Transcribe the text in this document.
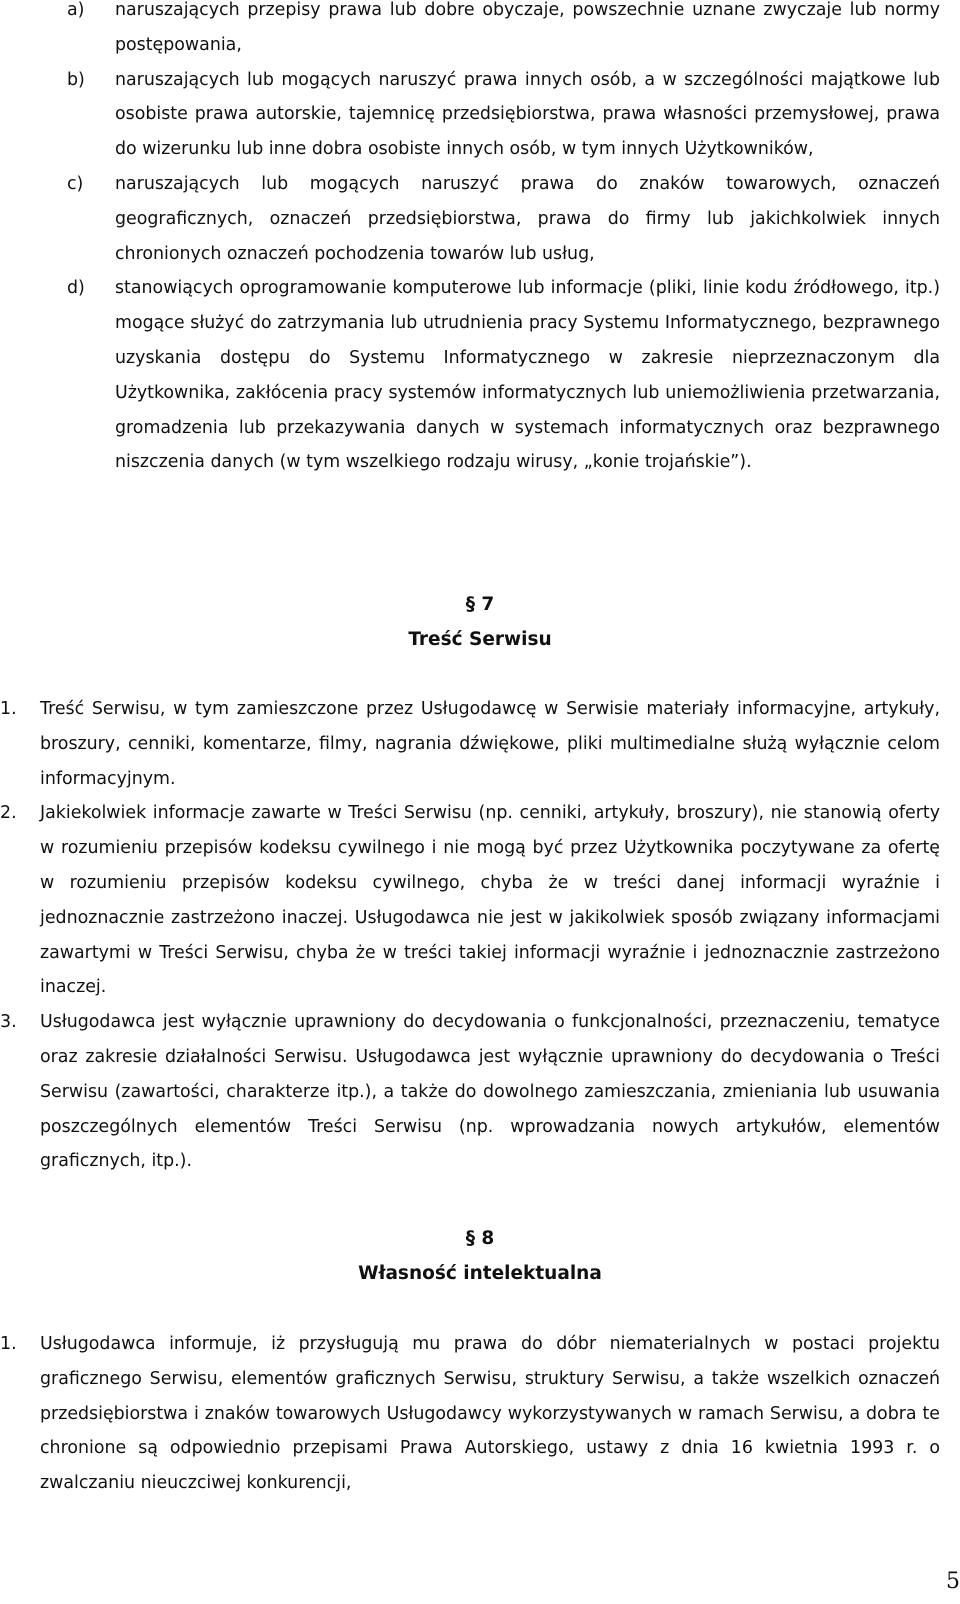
a)	naruszających przepisy prawa lub dobre obyczaje, powszechnie uznane zwyczaje lub normy postępowania,
b)	naruszających lub mogących naruszyć prawa innych osób, a w szczególności majątkowe lub osobiste prawa autorskie, tajemnicę przedsiębiorstwa, prawa własności przemysłowej, prawa do wizerunku lub inne dobra osobiste innych osób, w tym innych Użytkowników,
c)	naruszających lub mogących naruszyć prawa do znaków towarowych, oznaczeń geograficznych, oznaczeń przedsiębiorstwa, prawa do firmy lub jakichkolwiek innych chronionych oznaczeń pochodzenia towarów lub usług,
d)	stanowiących oprogramowanie komputerowe lub informacje (pliki, linie kodu źródłowego, itp.) mogące służyć do zatrzymania lub utrudnienia pracy Systemu Informatycznego, bezprawnego uzyskania dostępu do Systemu Informatycznego w zakresie nieprzeznaczonym dla Użytkownika, zakłócenia pracy systemów informatycznych lub uniemożliwienia przetwarzania, gromadzenia lub przekazywania danych w systemach informatycznych oraz bezprawnego niszczenia danych (w tym wszelkiego rodzaju wirusy, „konie trojańskie”).
§ 7
Treść Serwisu
1.	Treść Serwisu, w tym zamieszczone przez Usługodawcę w Serwisie materiały informacyjne, artykuły, broszury, cenniki, komentarze, filmy, nagrania dźwiękowe, pliki multimedialne służą wyłącznie celom informacyjnym.
2.	Jakiekolwiek informacje zawarte w Treści Serwisu (np. cenniki, artykuły, broszury), nie stanowią oferty w rozumieniu przepisów kodeksu cywilnego i nie mogą być przez Użytkownika poczytywane za ofertę w rozumieniu przepisów kodeksu cywilnego, chyba że w treści danej informacji wyraźnie i jednoznacznie zastrzeżono inaczej. Usługodawca nie jest w jakikolwiek sposób związany informacjami zawartymi w Treści Serwisu, chyba że w treści takiej informacji wyraźnie i jednoznacznie zastrzeżono inaczej.
3.	Usługodawca jest wyłącznie uprawniony do decydowania o funkcjonalności, przeznaczeniu, tematyce oraz zakresie działalności Serwisu. Usługodawca jest wyłącznie uprawniony do decydowania o Treści Serwisu (zawartości, charakterze itp.), a także do dowolnego zamieszczania, zmieniania lub usuwania poszczególnych elementów Treści Serwisu (np. wprowadzania nowych artykułów, elementów graficznych, itp.).
§ 8
Własność intelektualna
1.	Usługodawca informuje, iż przysługują mu prawa do dóbr niematerialnych w postaci projektu graficznego Serwisu, elementów graficznych Serwisu, struktury Serwisu, a także wszelkich oznaczeń przedsiębiorstwa i znaków towarowych Usługodawcy wykorzystywanych w ramach Serwisu, a dobra te chronione są odpowiednio przepisami Prawa Autorskiego, ustawy z dnia 16 kwietnia 1993 r. o zwalczaniu nieuczciwej konkurencji,
5
